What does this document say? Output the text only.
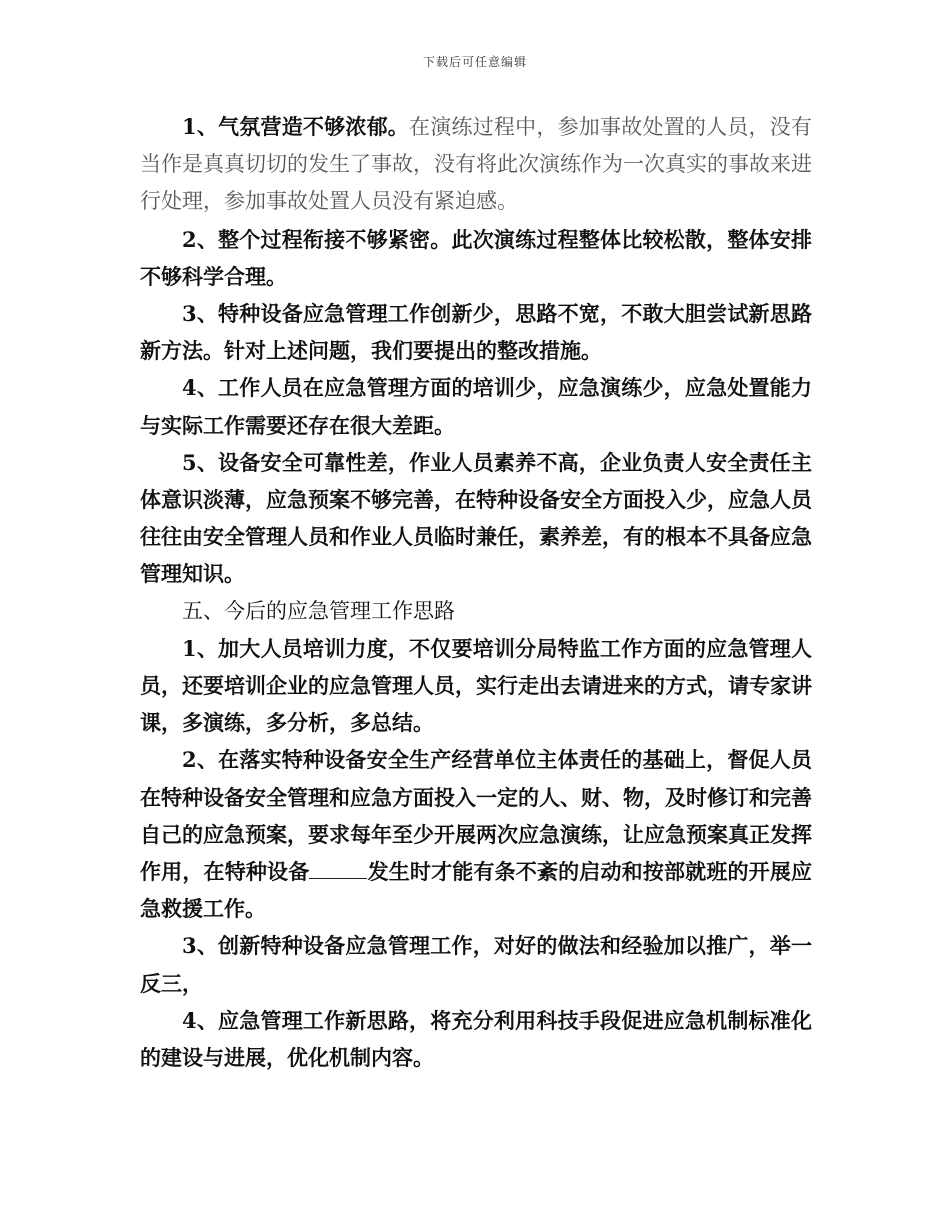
下载后可任意编辑

1、气氛营造不够浓郁。在演练过程中，参加事故处置的人员，没有当作是真真切切的发生了事故，没有将此次演练作为一次真实的事故来进行处理，参加事故处置人员没有紧迫感。

2、整个过程衔接不够紧密。此次演练过程整体比较松散，整体安排不够科学合理。

3、特种设备应急管理工作创新少，思路不宽，不敢大胆尝试新思路新方法。针对上述问题，我们要提出的整改措施。

4、工作人员在应急管理方面的培训少，应急演练少，应急处置能力与实际工作需要还存在很大差距。

5、设备安全可靠性差，作业人员素养不高，企业负责人安全责任主体意识淡薄，应急预案不够完善，在特种设备安全方面投入少，应急人员往往由安全管理人员和作业人员临时兼任，素养差，有的根本不具备应急管理知识。

五、今后的应急管理工作思路

1、加大人员培训力度，不仅要培训分局特监工作方面的应急管理人员，还要培训企业的应急管理人员，实行走出去请进来的方式，请专家讲课，多演练，多分析，多总结。

2、在落实特种设备安全生产经营单位主体责任的基础上，督促人员在特种设备安全管理和应急方面投入一定的人、财、物，及时修订和完善自己的应急预案，要求每年至少开展两次应急演练，让应急预案真正发挥作用，在特种设备	发生时才能有条不紊的启动和按部就班的开展应急救援工作。

3、创新特种设备应急管理工作，对好的做法和经验加以推广，举一反三，

4、应急管理工作新思路，将充分利用科技手段促进应急机制标准化的建设与进展，优化机制内容。
